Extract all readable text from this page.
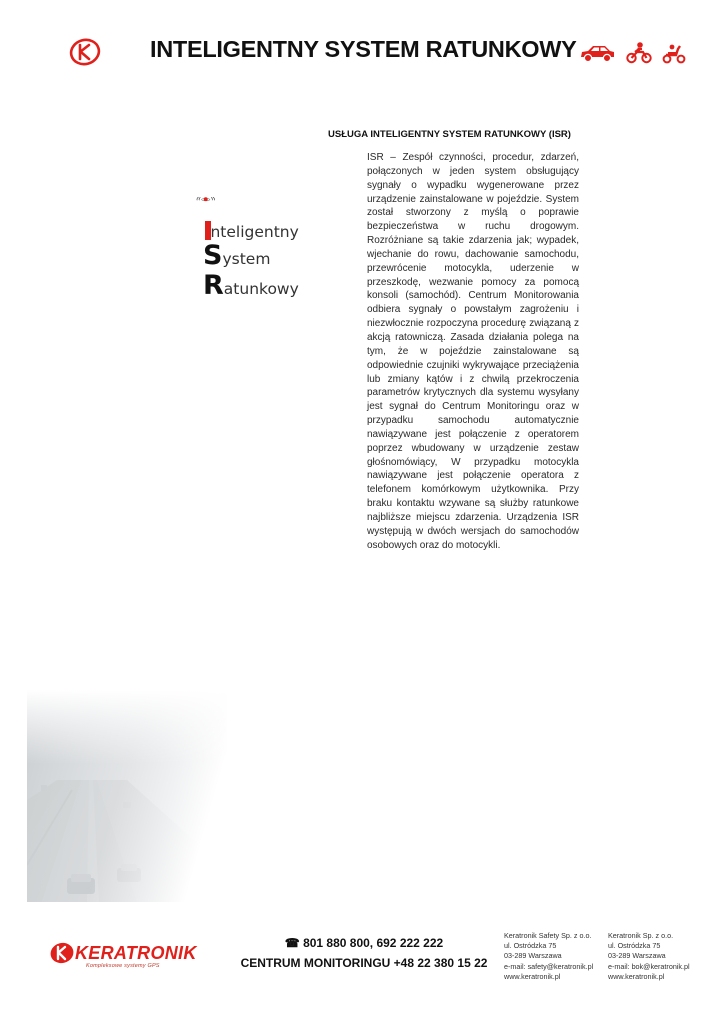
INTELIGENTNY SYSTEM RATUNKOWY
USŁUGA INTELIGENTNY SYSTEM RATUNKOWY (ISR)

ISR – Zespół czynności, procedur, zdarzeń, połączonych w jeden system obsługujący sygnały o wypadku wygenerowane przez urządzenie zainstalowane w pojeździe. System został stworzony z myślą o poprawie bezpieczeństwa w ruchu drogowym. Rozróżniane są takie zdarzenia jak; wypadek, wjechanie do rowu, dachowanie samochodu, przewrócenie motocykla, uderzenie w przeszkodę, wezwanie pomocy za pomocą konsoli (samochód). Centrum Monitorowania odbiera sygnały o powstałym zagrożeniu i niezwłocznie rozpoczyna procedurę związaną z akcją ratowniczą. Zasada działania polega na tym, że w pojeździe zainstalowane są odpowiednie czujniki wykrywające przeciążenia lub zmiany kątów i z chwilą przekroczenia parametrów krytycznych dla systemu wysyłany jest sygnał do Centrum Monitoringu oraz w przypadku samochodu automatycznie nawiązywane jest połączenie z operatorem poprzez wbudowany w urządzenie zestaw głośnomówiący, W przypadku motocykla nawiązywane jest połączenie operatora z telefonem komórkowym użytkownika. Przy braku kontaktu wzywane są służby ratunkowe najbliższe miejscu zdarzenia. Urządzenia ISR występują w dwóch wersjach do samochodów osobowych oraz do motocykli.

nteligentny
System
Ratunkowy
KERATRONIK
Kompleksowe systemy GPS
☎ 801 880 800, 692 222 222
CENTRUM MONITORINGU +48 22 380 15 22
Keratronik Safety Sp. z o.o.
ul. Ostródzka 75
03-289 Warszawa
e-mail: safety@keratronik.pl
www.keratronik.pl
Keratronik Sp. z o.o.
ul. Ostródzka 75
03-289 Warszawa
e-mail: bok@keratronik.pl
www.keratronik.pl
